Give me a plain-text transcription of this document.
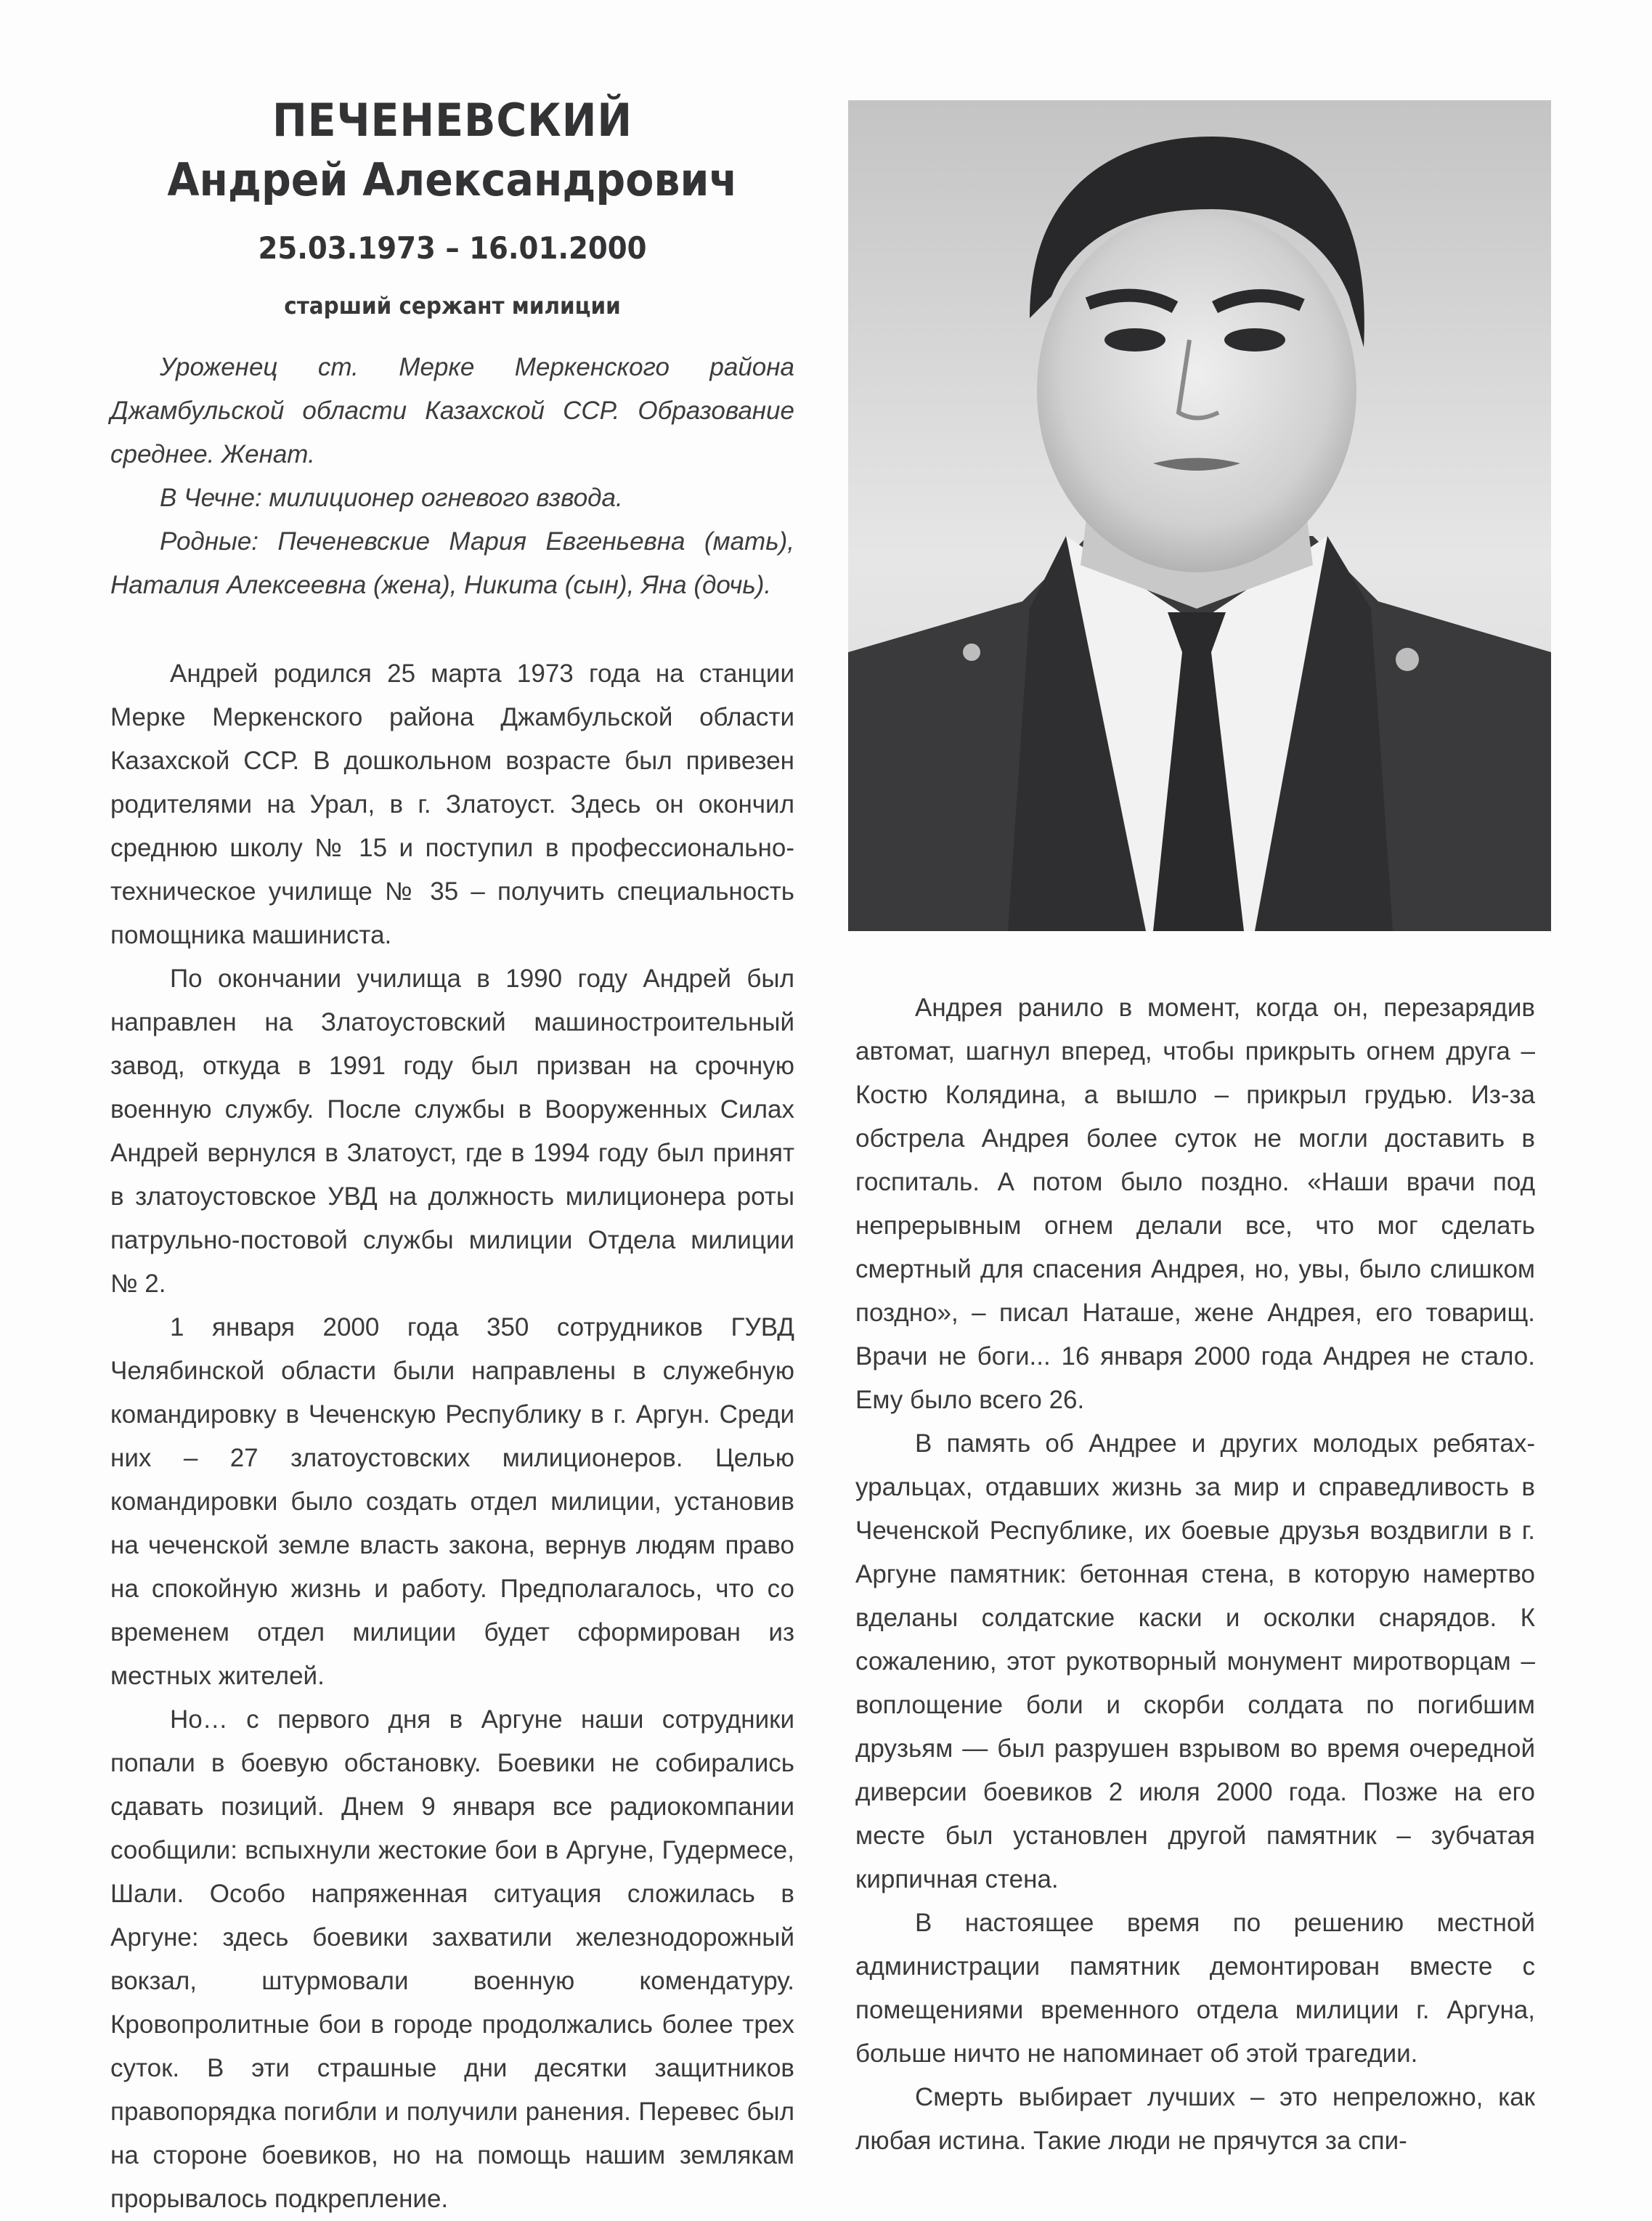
ПЕЧЕНЕВСКИЙ
Андрей Александрович
25.03.1973 – 16.01.2000
старший сержант милиции

Уроженец ст. Мерке Меркенского района Джамбульской области Казахской ССР. Образование среднее. Женат.

В Чечне: милиционер огневого взвода.

Родные: Печеневские Мария Евгеньевна (мать), Наталия Алексеевна (жена), Никита (сын), Яна (дочь).

Андрей родился 25 марта 1973 года на станции Мерке Меркенского района Джамбульской области Казахской ССР. В дошкольном возрасте был привезен родителями на Урал, в г. Златоуст. Здесь он окончил среднюю школу № 15 и поступил в профессионально-техническое училище № 35 – получить специальность помощника машиниста.

По окончании училища в 1990 году Андрей был направлен на Златоустовский машиностроительный завод, откуда в 1991 году был призван на срочную военную службу. После службы в Вооруженных Силах Андрей вернулся в Златоуст, где в 1994 году был принят в златоустовское УВД на должность милиционера роты патрульно-постовой службы милиции Отдела милиции № 2.

1 января 2000 года 350 сотрудников ГУВД Челябинской области были направлены в служебную командировку в Чеченскую Республику в г. Аргун. Среди них – 27 златоустовских милиционеров. Целью командировки было создать отдел милиции, установив на чеченской земле власть закона, вернув людям право на спокойную жизнь и работу. Предполагалось, что со временем отдел милиции будет сформирован из местных жителей.

Но… с первого дня в Аргуне наши сотрудники попали в боевую обстановку. Боевики не собирались сдавать позиций. Днем 9 января все радиокомпании сообщили: вспыхнули жестокие бои в Аргуне, Гудермесе, Шали. Особо напряженная ситуация сложилась в Аргуне: здесь боевики захватили железнодорожный вокзал, штурмовали военную комендатуру. Кровопролитные бои в городе продолжались более трех суток. В эти страшные дни десятки защитников правопорядка погибли и получили ранения. Перевес был на стороне боевиков, но на помощь нашим землякам прорывалось подкрепление.

Андрея ранило в момент, когда он, перезарядив автомат, шагнул вперед, чтобы прикрыть огнем друга – Костю Колядина, а вышло – прикрыл грудью. Из-за обстрела Андрея более суток не могли доставить в госпиталь. А потом было поздно. «Наши врачи под непрерывным огнем делали все, что мог сделать смертный для спасения Андрея, но, увы, было слишком поздно», – писал Наташе, жене Андрея, его товарищ. Врачи не боги... 16 января 2000 года Андрея не стало. Ему было всего 26.

В память об Андрее и других молодых ребятах-уральцах, отдавших жизнь за мир и справедливость в Чеченской Республике, их боевые друзья воздвигли в г. Аргуне памятник: бетонная стена, в которую намертво вделаны солдатские каски и осколки снарядов. К сожалению, этот рукотворный монумент миротворцам – воплощение боли и скорби солдата по погибшим друзьям — был разрушен взрывом во время очередной диверсии боевиков 2 июля 2000 года. Позже на его месте был установлен другой памятник – зубчатая кирпичная стена.

В настоящее время по решению местной администрации памятник демонтирован вместе с помещениями временного отдела милиции г. Аргуна, больше ничто не напоминает об этой трагедии.

Смерть выбирает лучших – это непреложно, как любая истина. Такие люди не прячутся за спи-
